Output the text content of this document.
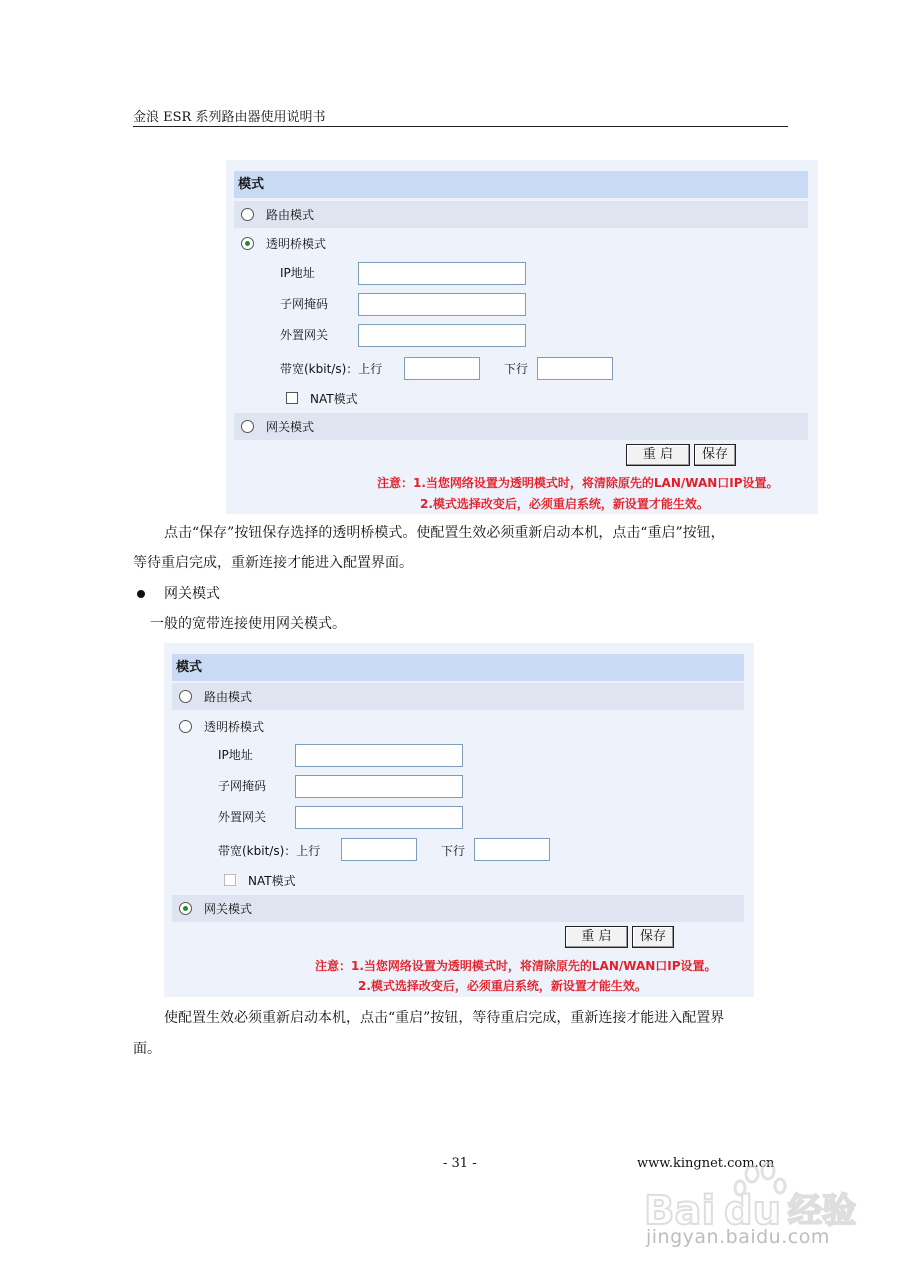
金浪 ESR 系列路由器使用说明书
模式
路由模式
透明桥模式
IP地址
子网掩码
外置网关
带宽(kbit/s)：上行	下行
NAT模式
网关模式
重 启	保存
注意：1.当您网络设置为透明模式时，将清除原先的LAN/WAN口IP设置。
2.模式选择改变后，必须重启系统，新设置才能生效。
点击“保存”按钮保存选择的透明桥模式。使配置生效必须重新启动本机，点击“重启”按钮，
等待重启完成，重新连接才能进入配置界面。
网关模式
一般的宽带连接使用网关模式。
模式
路由模式
透明桥模式
IP地址
子网掩码
外置网关
带宽(kbit/s)：上行	下行
NAT模式
网关模式
重 启	保存
注意：1.当您网络设置为透明模式时，将清除原先的LAN/WAN口IP设置。
2.模式选择改变后，必须重启系统，新设置才能生效。
使配置生效必须重新启动本机，点击“重启”按钮，等待重启完成，重新连接才能进入配置界
面。
- 31 -	www.kingnet.com.cn
Bai du 经验
jingyan.baidu.com
